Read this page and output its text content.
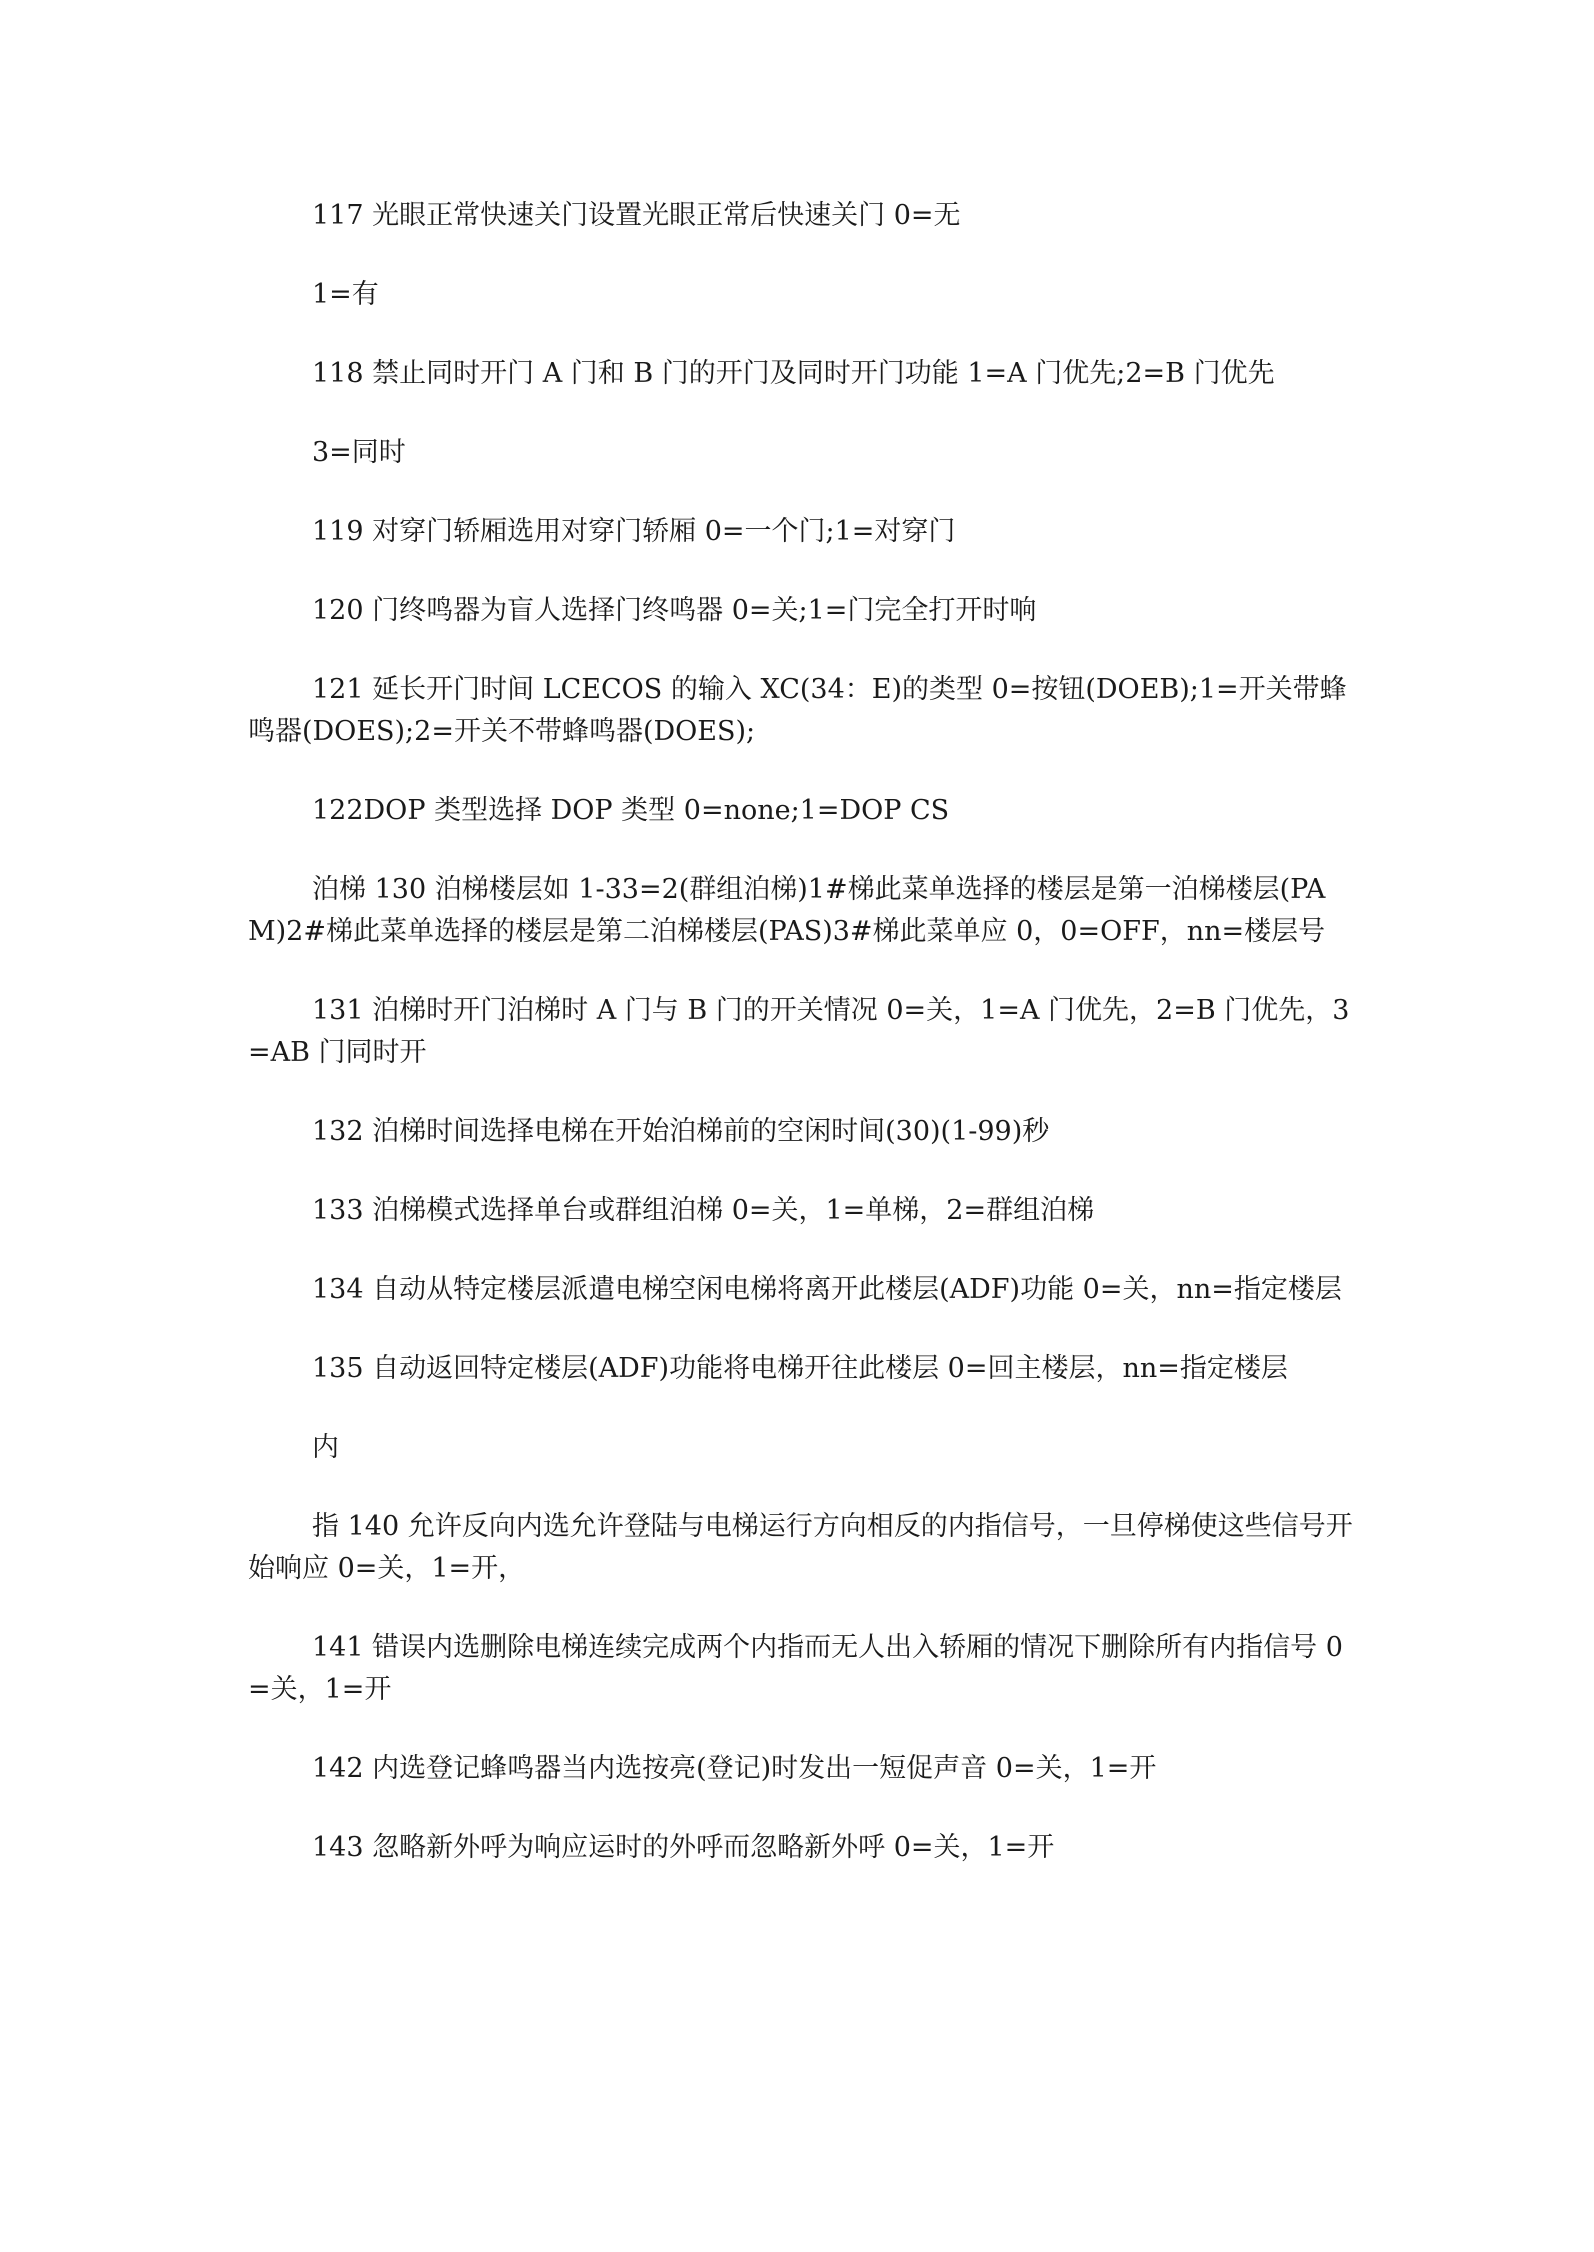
117 光眼正常快速关门设置光眼正常后快速关门 0=无

1=有

118 禁止同时开门 A 门和 B 门的开门及同时开门功能 1=A 门优先;2=B 门优先

3=同时

119 对穿门轿厢选用对穿门轿厢 0=一个门;1=对穿门

120 门终鸣器为盲人选择门终鸣器 0=关;1=门完全打开时响

121 延长开门时间 LCECOS 的输入 XC(34：E)的类型 0=按钮(DOEB);1=开关带蜂鸣器(DOES);2=开关不带蜂鸣器(DOES);

122DOP 类型选择 DOP 类型 0=none;1=DOP CS

泊梯 130 泊梯楼层如 1-33=2(群组泊梯)1#梯此菜单选择的楼层是第一泊梯楼层(PAM)2#梯此菜单选择的楼层是第二泊梯楼层(PAS)3#梯此菜单应 0，0=OFF，nn=楼层号

131 泊梯时开门泊梯时 A 门与 B 门的开关情况 0=关，1=A 门优先，2=B 门优先，3=AB 门同时开

132 泊梯时间选择电梯在开始泊梯前的空闲时间(30)(1-99)秒

133 泊梯模式选择单台或群组泊梯 0=关，1=单梯，2=群组泊梯

134 自动从特定楼层派遣电梯空闲电梯将离开此楼层(ADF)功能 0=关，nn=指定楼层

135 自动返回特定楼层(ADF)功能将电梯开往此楼层 0=回主楼层，nn=指定楼层

内

指 140 允许反向内选允许登陆与电梯运行方向相反的内指信号，一旦停梯使这些信号开始响应 0=关，1=开，

141 错误内选删除电梯连续完成两个内指而无人出入轿厢的情况下删除所有内指信号 0=关，1=开

142 内选登记蜂鸣器当内选按亮(登记)时发出一短促声音 0=关，1=开

143 忽略新外呼为响应运时的外呼而忽略新外呼 0=关，1=开
